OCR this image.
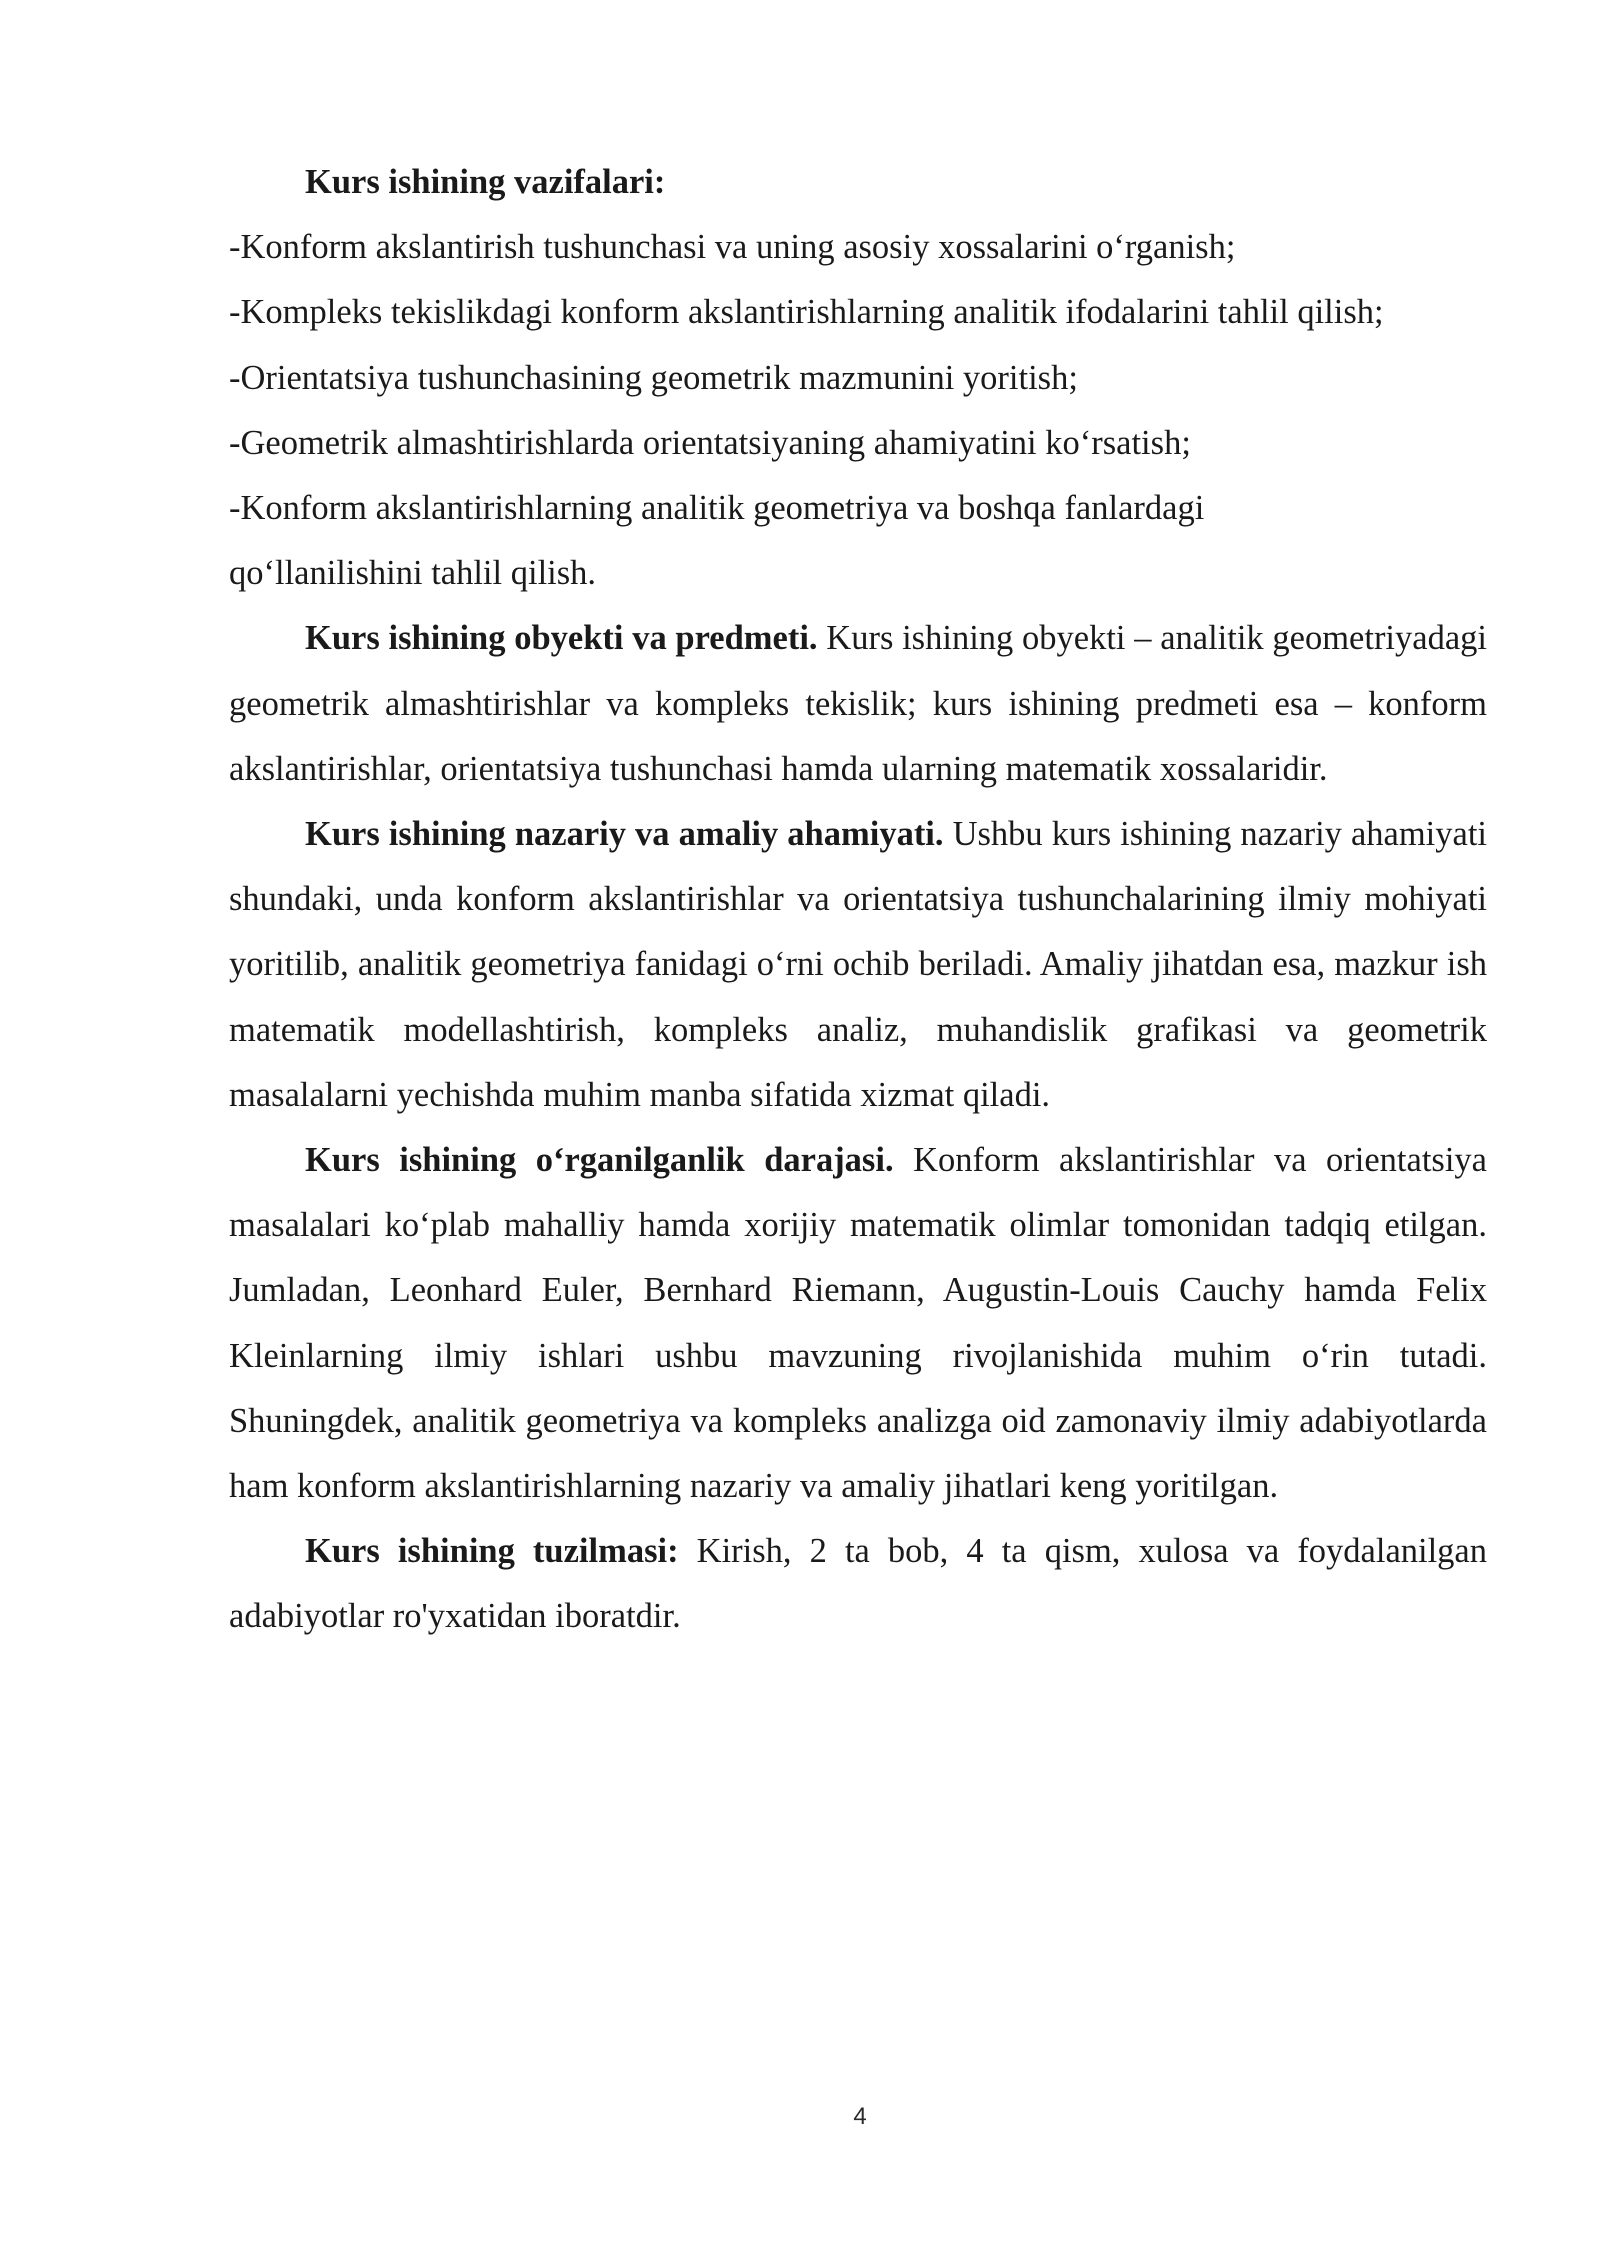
Kurs ishining vazifalari:

-Konform akslantirish tushunchasi va uning asosiy xossalarini o‘rganish;

-Kompleks tekislikdagi konform akslantirishlarning analitik ifodalarini tahlil qilish;

-Orientatsiya tushunchasining geometrik mazmunini yoritish;

-Geometrik almashtirishlarda orientatsiyaning ahamiyatini ko‘rsatish;

-Konform akslantirishlarning analitik geometriya va boshqa fanlardagi qo‘llanilishini tahlil qilish.

Kurs ishining obyekti va predmeti. Kurs ishining obyekti – analitik geometriyadagi geometrik almashtirishlar va kompleks tekislik; kurs ishining predmeti esa – konform akslantirishlar, orientatsiya tushunchasi hamda ularning matematik xossalaridir.

Kurs ishining nazariy va amaliy ahamiyati. Ushbu kurs ishining nazariy ahamiyati shundaki, unda konform akslantirishlar va orientatsiya tushunchalarining ilmiy mohiyati yoritilib, analitik geometriya fanidagi o‘rni ochib beriladi. Amaliy jihatdan esa, mazkur ish matematik modellashtirish, kompleks analiz, muhandislik grafikasi va geometrik masalalarni yechishda muhim manba sifatida xizmat qiladi.

Kurs ishining o‘rganilganlik darajasi. Konform akslantirishlar va orientatsiya masalalari ko‘plab mahalliy hamda xorijiy matematik olimlar tomonidan tadqiq etilgan. Jumladan, Leonhard Euler, Bernhard Riemann, Augustin-Louis Cauchy hamda Felix Kleinlarning ilmiy ishlari ushbu mavzuning rivojlanishida muhim o‘rin tutadi. Shuningdek, analitik geometriya va kompleks analizga oid zamonaviy ilmiy adabiyotlarda ham konform akslantirishlarning nazariy va amaliy jihatlari keng yoritilgan.

Kurs ishining tuzilmasi: Kirish, 2 ta bob, 4 ta qism, xulosa va foydalanilgan adabiyotlar ro'yxatidan iboratdir.

4
